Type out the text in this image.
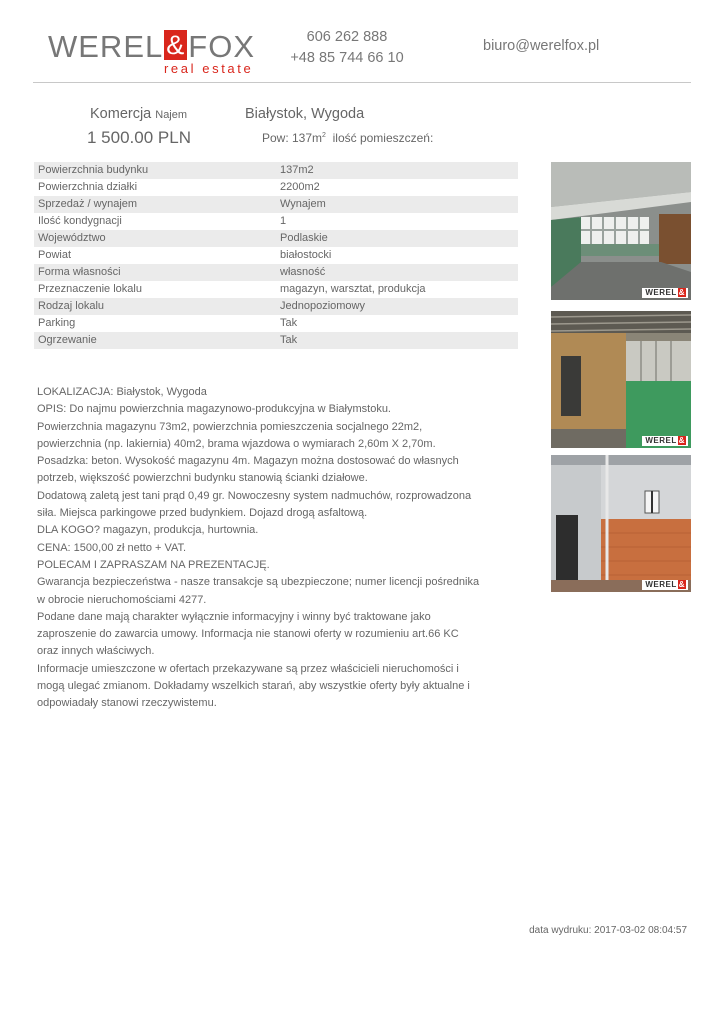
WEREL &FOX
real estate
606 262 888
+48 85 744 66 10
biuro@werelfox.pl
Komercja Najem
1 500.00 PLN
Białystok, Wygoda
Pow: $137m^2$ ilość pomieszczeń:
Powierzchnia budynku	137m2
Powierzchnia działki	2200m2
Sprzedaż / wynajem	Wynajem
Ilość kondygnacji	1
Województwo	Podlaskie
Powiat	białostocki
Forma własności	własność
Przeznaczenie lokalu	magazyn, warsztat, produkcja
Rodzaj lokalu	Jednopoziomowy
Parking	Tak
Ogrzewanie	Tak

LOKALIZACJA: Białystok, Wygoda

OPIS: Do najmu powierzchnia magazynowo-produkcyjna w Białymstoku.

Powierzchnia magazynu 73m2, powierzchnia pomieszczenia socjalnego 22m2,

powierzchnia (np. lakiernia) 40m2, brama wjazdowa o wymiarach 2,60m X 2,70m.

Posadzka: beton. Wysokość magazynu 4m. Magazyn można dostosować do własnych

potrzeb, większość powierzchni budynku stanowią ścianki działowe.

Dodatową zaletą jest tani prąd 0,49 gr. Nowoczesny system nadmuchów, rozprowadzona

siła. Miejsca parkingowe przed budynkiem. Dojazd drogą asfaltową.

DLA KOGO? magazyn, produkcja, hurtownia.

CENA: 1500,00 zł netto + VAT.

POLECAM I ZAPRASZAM NA PREZENTACJĘ.

Gwarancja bezpieczeństwa - nasze transakcje są ubezpieczone; numer licencji pośrednika

w obrocie nieruchomościami 4277.

Podane dane mają charakter wyłącznie informacyjny i winny być traktowane jako

zaproszenie do zawarcia umowy. Informacja nie stanowi oferty w rozumieniu art.66 KC

oraz innych właściwych.

Informacje umieszczone w ofertach przekazywane są przez właścicieli nieruchomości i

mogą ulegać zmianom. Dokładamy wszelkich starań, aby wszystkie oferty były aktualne i

odpowiadały stanowi rzeczywistemu.

WEREL &
WEREL &
WEREL &
data wydruku: 2017-03-02 08:04:57
